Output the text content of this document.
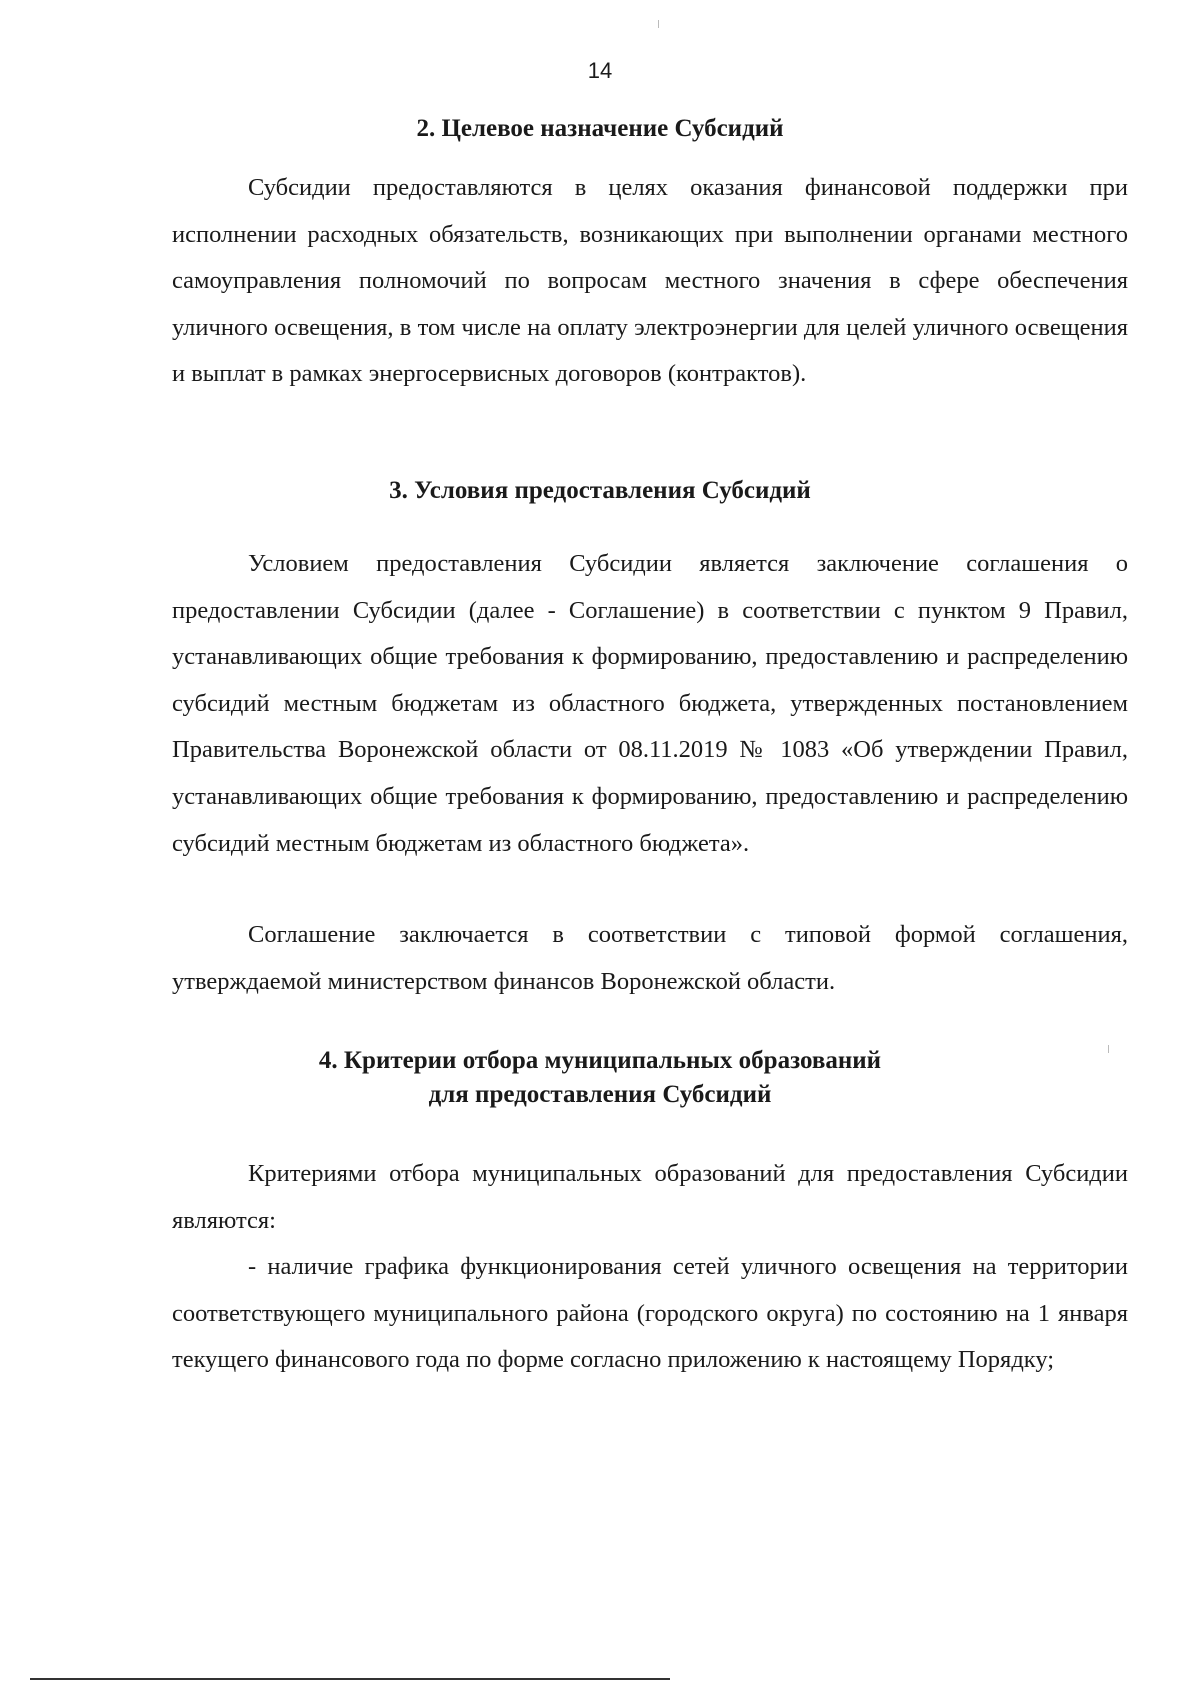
14
2. Целевое назначение Субсидий

Субсидии предоставляются в целях оказания финансовой поддержки при исполнении расходных обязательств, возникающих при выполнении органами местного самоуправления полномочий по вопросам местного значения в сфере обеспечения уличного освещения, в том числе на оплату электроэнергии для целей уличного освещения и выплат в рамках энергосервисных договоров (контрактов).

3. Условия предоставления Субсидий

Условием предоставления Субсидии является заключение соглашения о предоставлении Субсидии (далее - Соглашение) в соответствии с пунктом 9 Правил, устанавливающих общие требования к формированию, предоставлению и распределению субсидий местным бюджетам из областного бюджета, утвержденных постановлением Правительства Воронежской области от 08.11.2019 № 1083 «Об утверждении Правил, устанавливающих общие требования к формированию, предоставлению и распределению субсидий местным бюджетам из областного бюджета».

Соглашение заключается в соответствии с типовой формой соглашения, утверждаемой министерством финансов Воронежской области.

4. Критерии отбора муниципальных образований
для предоставления Субсидий

Критериями отбора муниципальных образований для предоставления Субсидии являются:

- наличие графика функционирования сетей уличного освещения на территории соответствующего муниципального района (городского округа) по состоянию на 1 января текущего финансового года по форме согласно приложению к настоящему Порядку;
